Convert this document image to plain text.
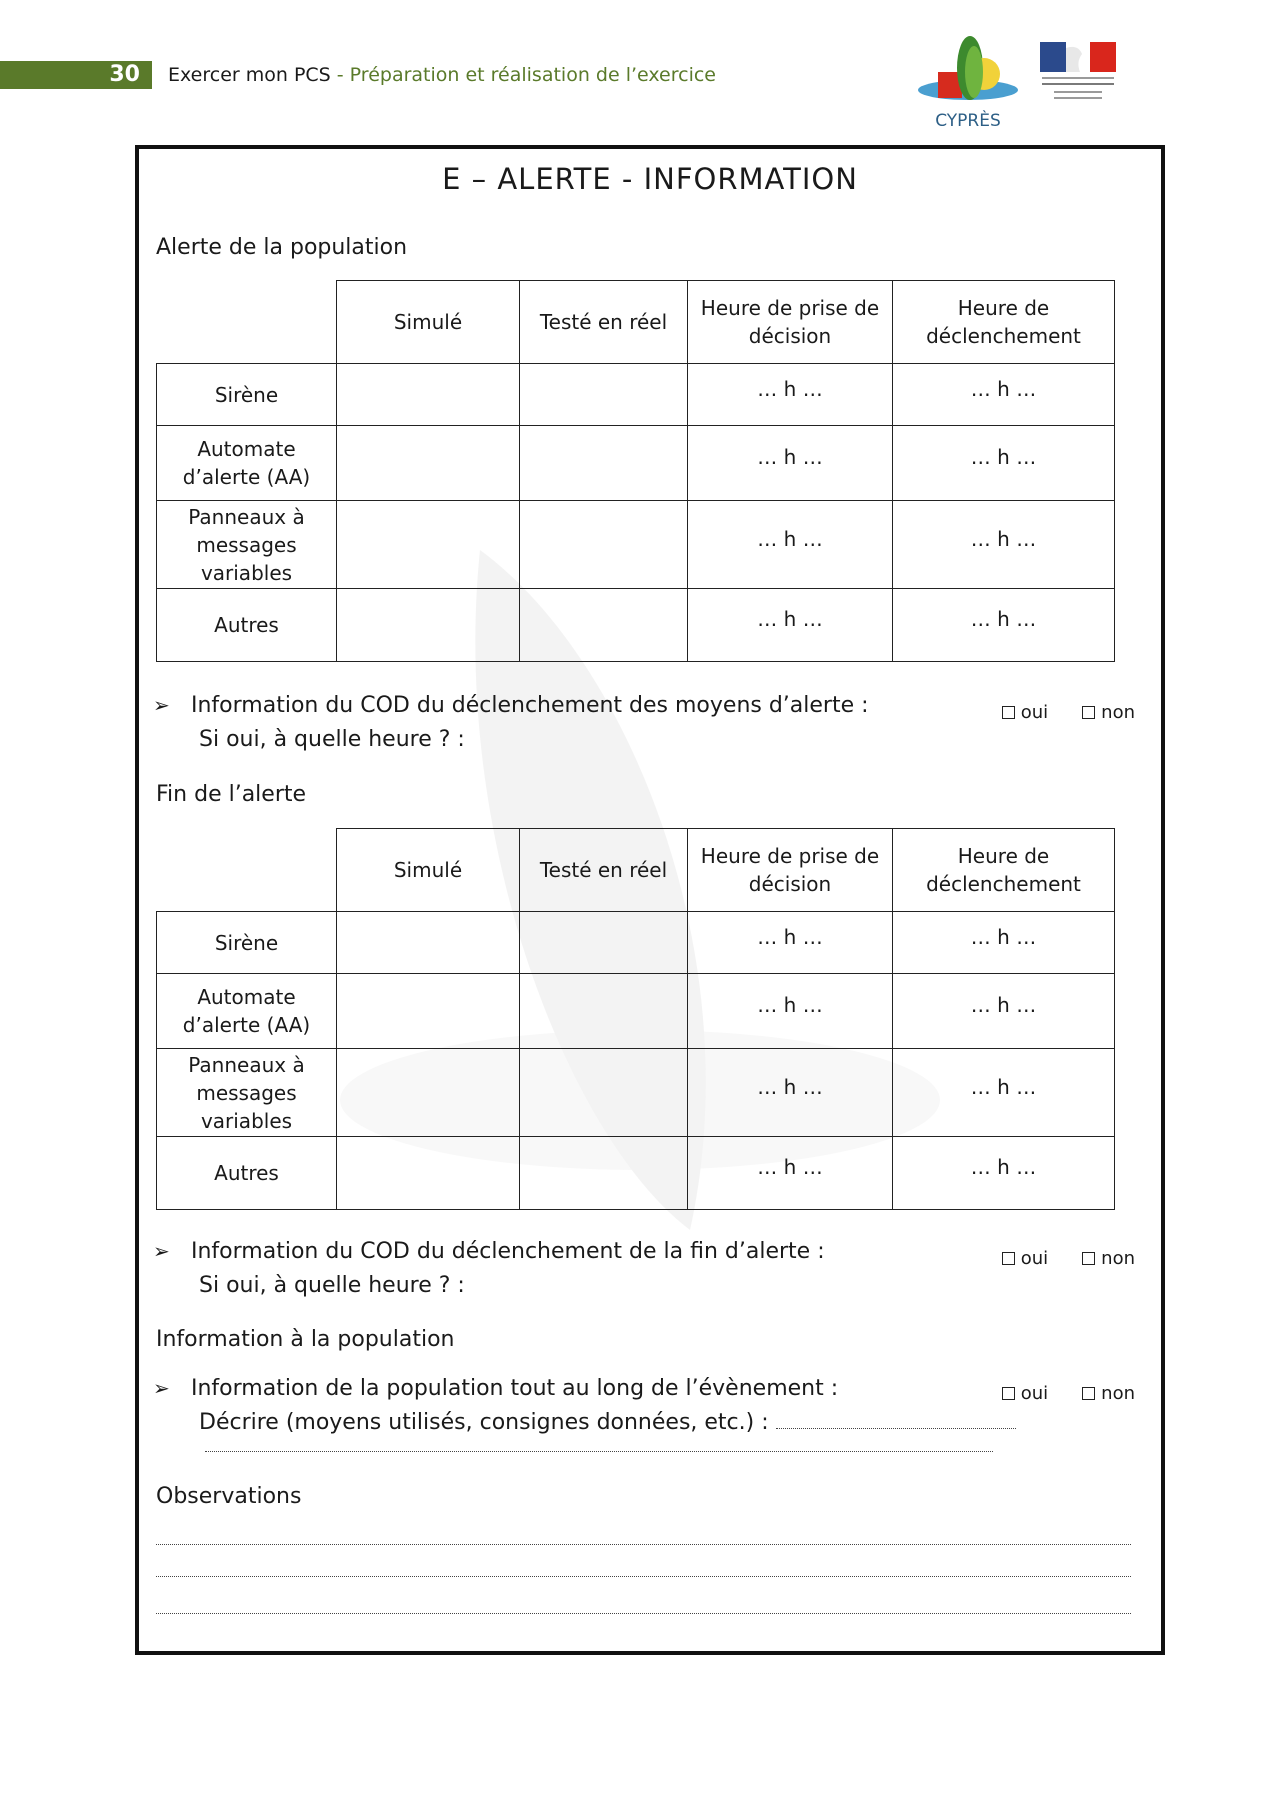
30 Exercer mon PCS - Préparation et réalisation de l’exercice
CYPRÈS
E – ALERTE - INFORMATION
Alerte de la population
	Simulé	Testé en réel	Heure de prise de décision	Heure de déclenchement
Sirène			… h …	… h …
Automate d’alerte (AA)			… h …	… h …
Panneaux à messages variables			… h …	… h …
Autres			… h …	… h …
➢ Information du COD du déclenchement des moyens d’alerte :
Si oui, à quelle heure ? :
oui	non
Fin de l’alerte
	Simulé	Testé en réel	Heure de prise de décision	Heure de déclenchement
Sirène			… h …	… h …
Automate d’alerte (AA)			… h …	… h …
Panneaux à messages variables			… h …	… h …
Autres			… h …	… h …
➢ Information du COD du déclenchement de la fin d’alerte :
Si oui, à quelle heure ? :
oui	non
Information à la population
➢ Information de la population tout au long de l’évènement :
Décrire (moyens utilisés, consignes données, etc.) :
oui	non
Observations
